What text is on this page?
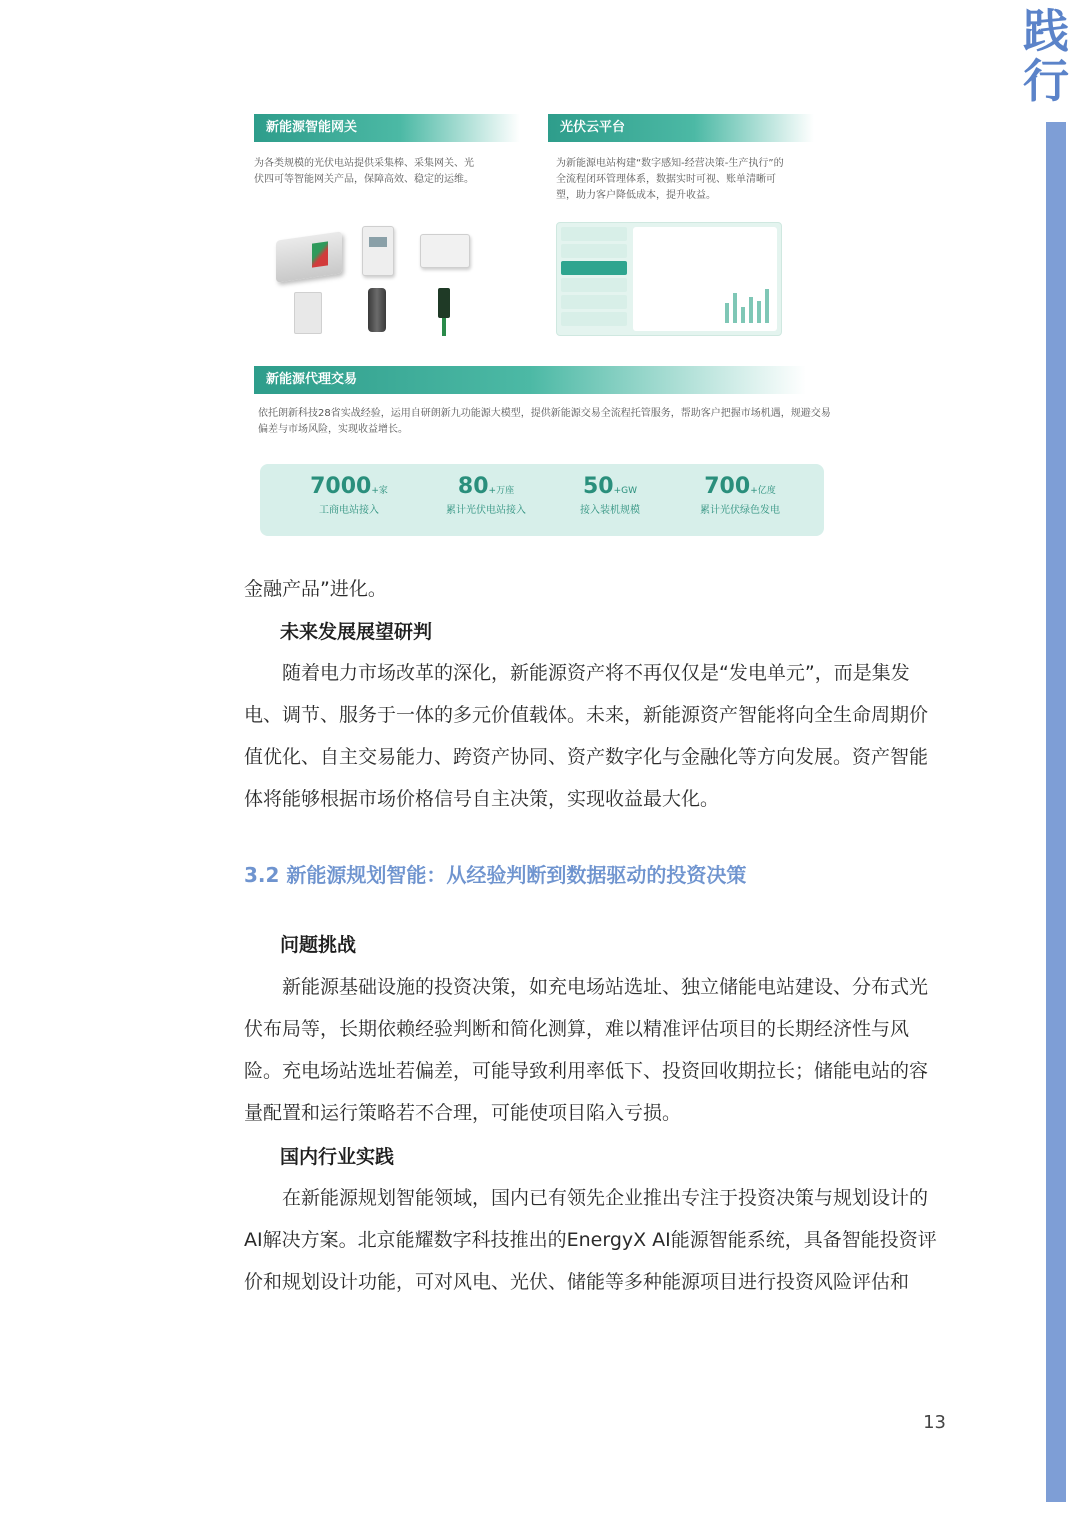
践行
新能源智能网关
为各类规模的光伏电站提供采集棒、采集网关、光伏四可等智能网关产品，保障高效、稳定的运维。
光伏云平台
为新能源电站构建“数字感知-经营决策-生产执行”的全流程闭环管理体系，数据实时可视、账单清晰可塑，助力客户降低成本，提升收益。
新能源代理交易
依托朗新科技28省实战经验，运用自研朗新九功能源大模型，提供新能源交易全流程托管服务，帮助客户把握市场机遇，规避交易偏差与市场风险，实现收益增长。
7000+家
工商电站接入
80+万座
累计光伏电站接入
50+GW
接入装机规模
700+亿度
累计光伏绿色发电

金融产品”进化。

未来发展展望研判

随着电力市场改革的深化，新能源资产将不再仅仅是“发电单元”，而是集发电、调节、服务于一体的多元价值载体。未来，新能源资产智能将向全生命周期价值优化、自主交易能力、跨资产协同、资产数字化与金融化等方向发展。资产智能体将能够根据市场价格信号自主决策，实现收益最大化。

3.2 新能源规划智能：从经验判断到数据驱动的投资决策
问题挑战

新能源基础设施的投资决策，如充电场站选址、独立储能电站建设、分布式光伏布局等，长期依赖经验判断和简化测算，难以精准评估项目的长期经济性与风险。充电场站选址若偏差，可能导致利用率低下、投资回收期拉长；储能电站的容量配置和运行策略若不合理，可能使项目陷入亏损。

国内行业实践

在新能源规划智能领域，国内已有领先企业推出专注于投资决策与规划设计的AI解决方案。北京能耀数字科技推出的EnergyX AI能源智能系统，具备智能投资评价和规划设计功能，可对风电、光伏、储能等多种能源项目进行投资风险评估和

13
